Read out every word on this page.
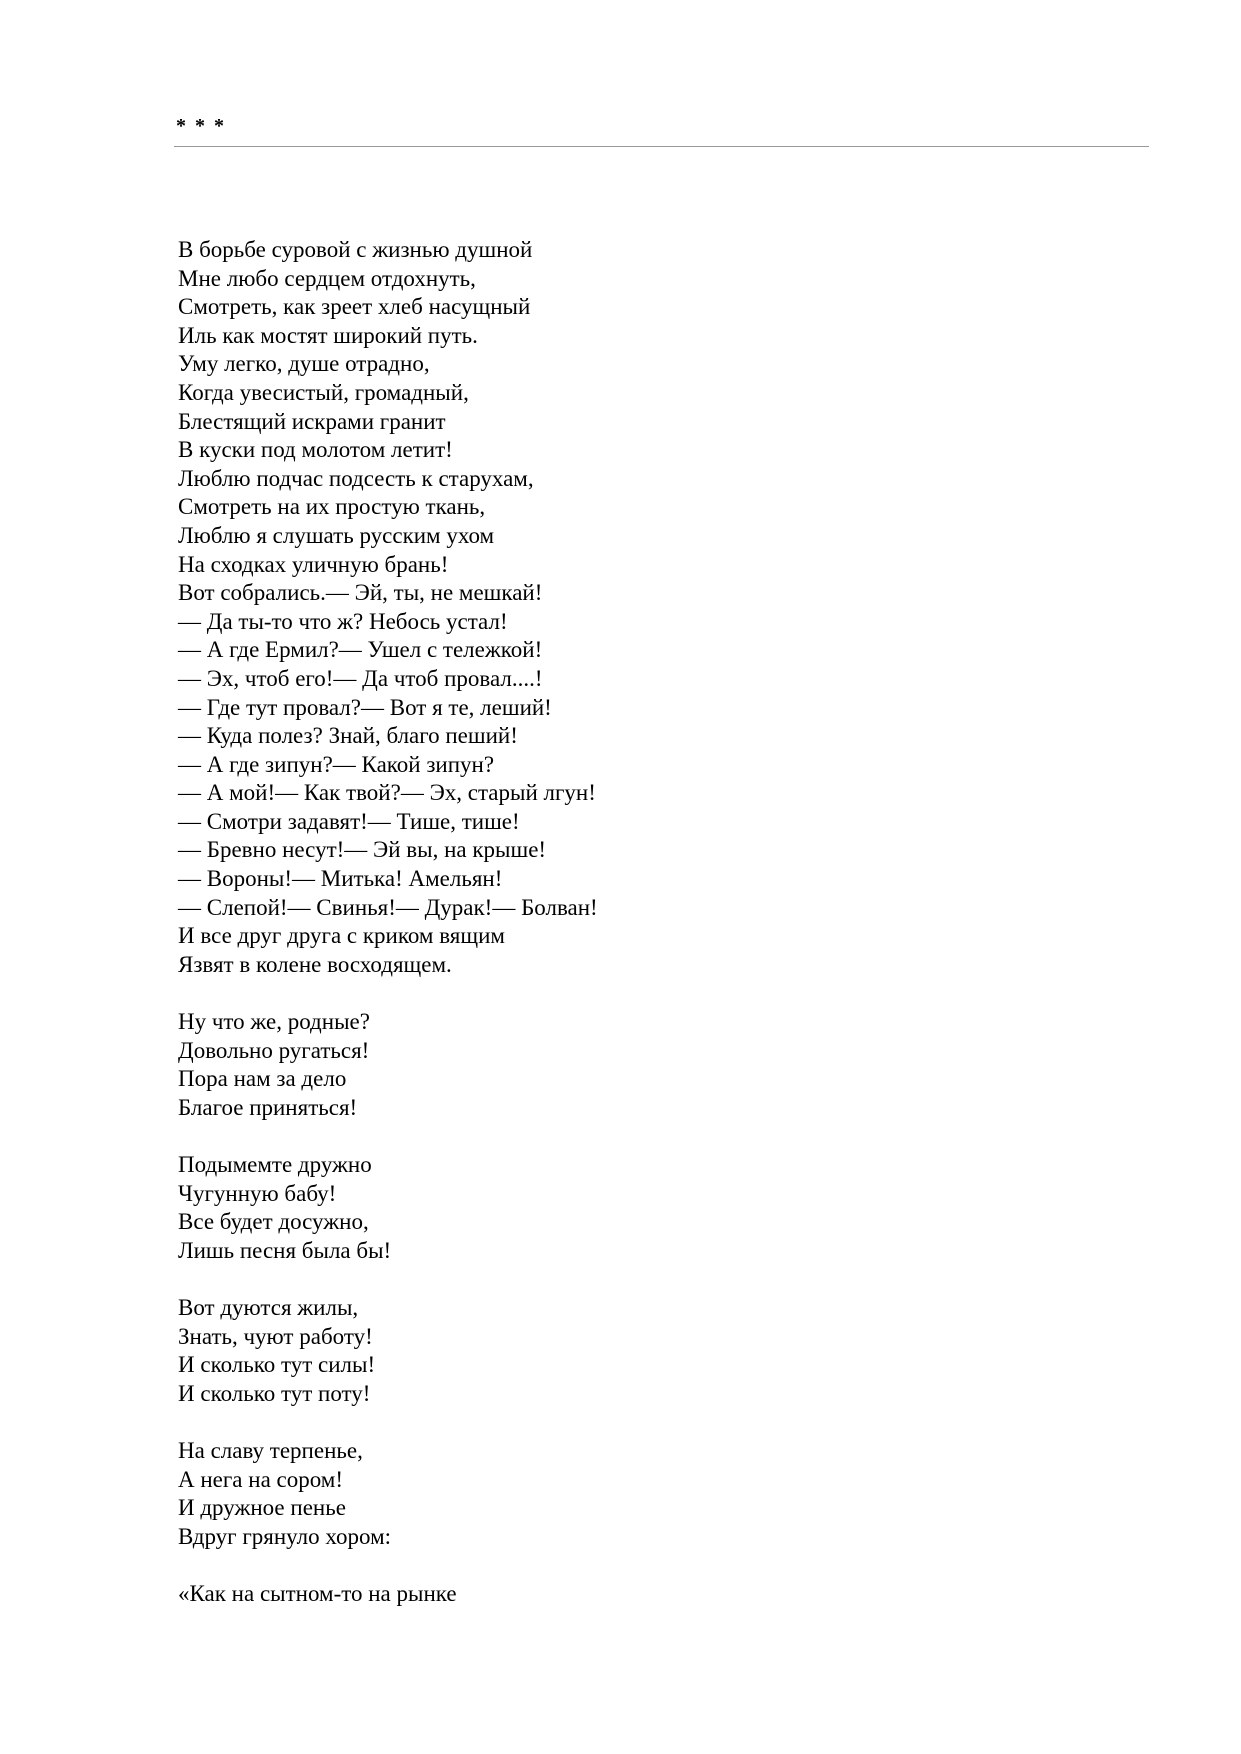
* * *
В борьбе суровой с жизнью душной
Мне любо сердцем отдохнуть,
Смотреть, как зреет хлеб насущный
Иль как мостят широкий путь.
Уму легко, душе отрадно,
Когда увесистый, громадный,
Блестящий искрами гранит
В куски под молотом летит!
Люблю подчас подсесть к старухам,
Смотреть на их простую ткань,
Люблю я слушать русским ухом
На сходках уличную брань!
Вот собрались.— Эй, ты, не мешкай!
— Да ты-то что ж? Небось устал!
— А где Ермил?— Ушел с тележкой!
— Эх, чтоб его!— Да чтоб провал....!
— Где тут провал?— Вот я те, леший!
— Куда полез? Знай, благо пеший!
— А где зипун?— Какой зипун?
— А мой!— Как твой?— Эх, старый лгун!
— Смотри задавят!— Тише, тише!
— Бревно несут!— Эй вы, на крыше!
— Вороны!— Митька! Амельян!
— Слепой!— Свинья!— Дурак!— Болван!
И все друг друга с криком вящим
Язвят в колене восходящем.
Ну что же, родные?
Довольно ругаться!
Пора нам за дело
Благое приняться!
Подымемте дружно
Чугунную бабу!
Все будет досужно,
Лишь песня была бы!
Вот дуются жилы,
Знать, чуют работу!
И сколько тут силы!
И сколько тут поту!
На славу терпенье,
А нега на сором!
И дружное пенье
Вдруг грянуло хором:
«Как на сытном-то на рынке
